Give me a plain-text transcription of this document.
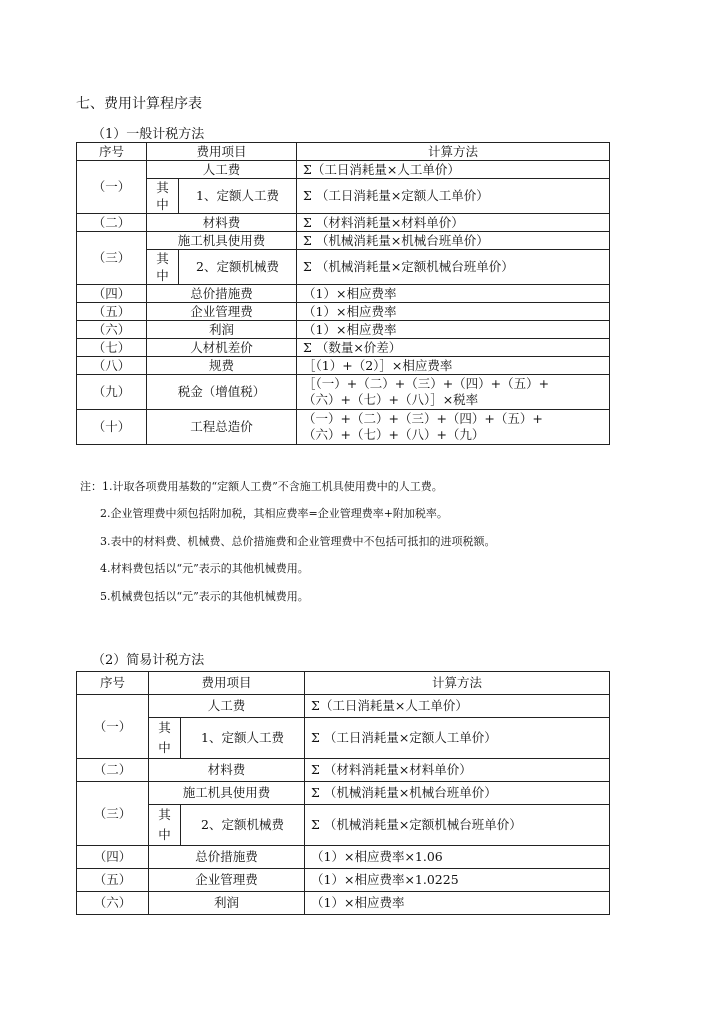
七、费用计算程序表
（1）一般计税方法
序号	费用项目		计算方法
（一）	人工费		Σ（工日消耗量×人工单价）

	其
中	1、定额人工费	Σ （工日消耗量×定额人工单价）
（二）	材料费		Σ （材料消耗量×材料单价）
（三）	施工机具使用费		Σ （机械消耗量×机械台班单价）

	其
中	2、定额机械费	Σ （机械消耗量×定额机械台班单价）
（四）	总价措施费		（1）×相应费率
（五）	企业管理费		（1）×相应费率
（六）	利润		（1）×相应费率
（七）	人材机差价		Σ （数量×价差）
（八）	规费		［（1）+（2）］×相应费率
（九）	税金（增值税）		［（一）+（二）+（三）+（四）+（五）+
（六）+（七）+（八）］×税率

（十）	工程总造价		（一）+（二）+（三）+（四）+（五）+
（六）+（七）+（八）+（九）
注：1.计取各项费用基数的“定额人工费”不含施工机具使用费中的人工费。
2.企业管理费中须包括附加税，其相应费率=企业管理费率+附加税率。
3.表中的材料费、机械费、总价措施费和企业管理费中不包括可抵扣的进项税额。
4.材料费包括以“元”表示的其他机械费用。
5.机械费包括以“元”表示的其他机械费用。
（2）简易计税方法
序号	费用项目		计算方法
（一）	人工费		Σ（工日消耗量×人工单价）

	其
中	1、定额人工费	Σ （工日消耗量×定额人工单价）
（二）	材料费		Σ （材料消耗量×材料单价）
（三）	施工机具使用费		Σ （机械消耗量×机械台班单价）

	其
中	2、定额机械费	Σ （机械消耗量×定额机械台班单价）
（四）	总价措施费		（1）×相应费率×1.06
（五）	企业管理费		（1）×相应费率×1.0225
（六）	利润		（1）×相应费率
